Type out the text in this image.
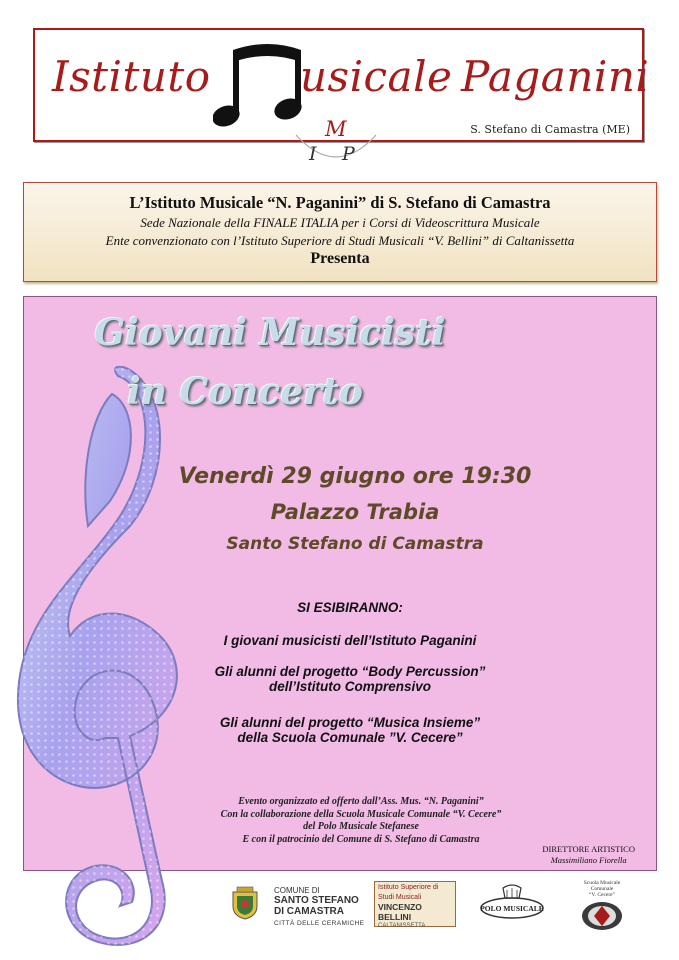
Istituto usicale Paganini
S. Stefano di Camastra (ME)
M
I P
L’Istituto Musicale “N. Paganini” di S. Stefano di Camastra
Sede Nazionale della FINALE ITALIA per i Corsi di Videoscrittura Musicale
Ente convenzionato con l’Istituto Superiore di Studi Musicali “V. Bellini” di Caltanissetta
Presenta
Giovani Musicisti
in Concerto
Venerdì 29 giugno ore 19:30
Palazzo Trabia
Santo Stefano di Camastra
SI ESIBIRANNO:
I giovani musicisti dell’Istituto Paganini
Gli alunni del progetto “Body Percussion”
dell’Istituto Comprensivo
Gli alunni del progetto “Musica Insieme”
della Scuola Comunale ”V. Cecere”
Evento organizzato ed offerto dall’Ass. Mus. “N. Paganini”
Con la collaborazione della Scuola Musicale Comunale “V. Cecere”
del Polo Musicale Stefanese
E con il patrocinio del Comune di S. Stefano di Camastra
DIRETTORE ARTISTICO
Massimiliano Fiorella
COMUNE DI
SANTO STEFANO
DI CAMASTRA
CITTÀ DELLE CERAMICHE
Istituto Superiore di
Studi Musicali
VINCENZO
BELLINI
CALTANISSETTA
POLO MUSICALE
Scuola Musicale Comunale
“V. Cecere”
